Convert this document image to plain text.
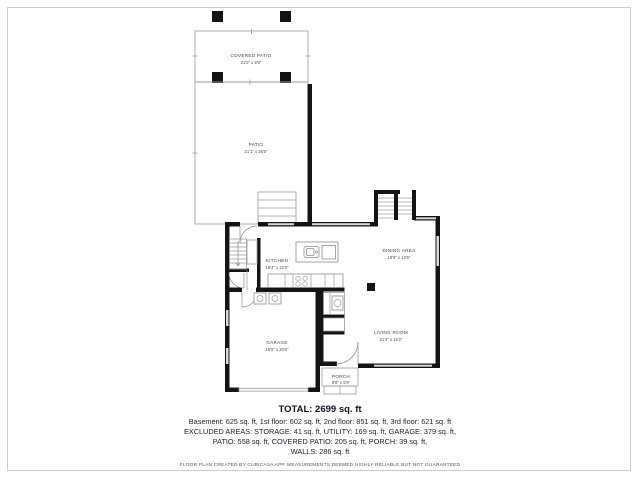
COVERED PATIO
21'0" x 9'8"
PATIO
21'1" x 26'5"
KITCHEN
18'4" x 12'0"
DINING AREA
18'9" x 13'6"
LIVING ROOM
21'4" x 15'2"
GARAGE
18'5" x 20'6"
PORCH
6'8" x 5'9"
TOTAL: 2699 sq. ft
Basement: 625 sq. ft, 1st floor: 602 sq. ft, 2nd floor: 851 sq. ft, 3rd floor: 621 sq. ft
EXCLUDED AREAS: STORAGE: 41 sq. ft, UTILITY: 169 sq. ft, GARAGE: 379 sq. ft,
PATIO: 558 sq. ft, COVERED PATIO: 205 sq. ft, PORCH: 39 sq. ft,
WALLS: 286 sq. ft
FLOOR PLAN CREATED BY CUBICASA APP. MEASUREMENTS DEEMED HIGHLY RELIABLE BUT NOT GUARANTEED
